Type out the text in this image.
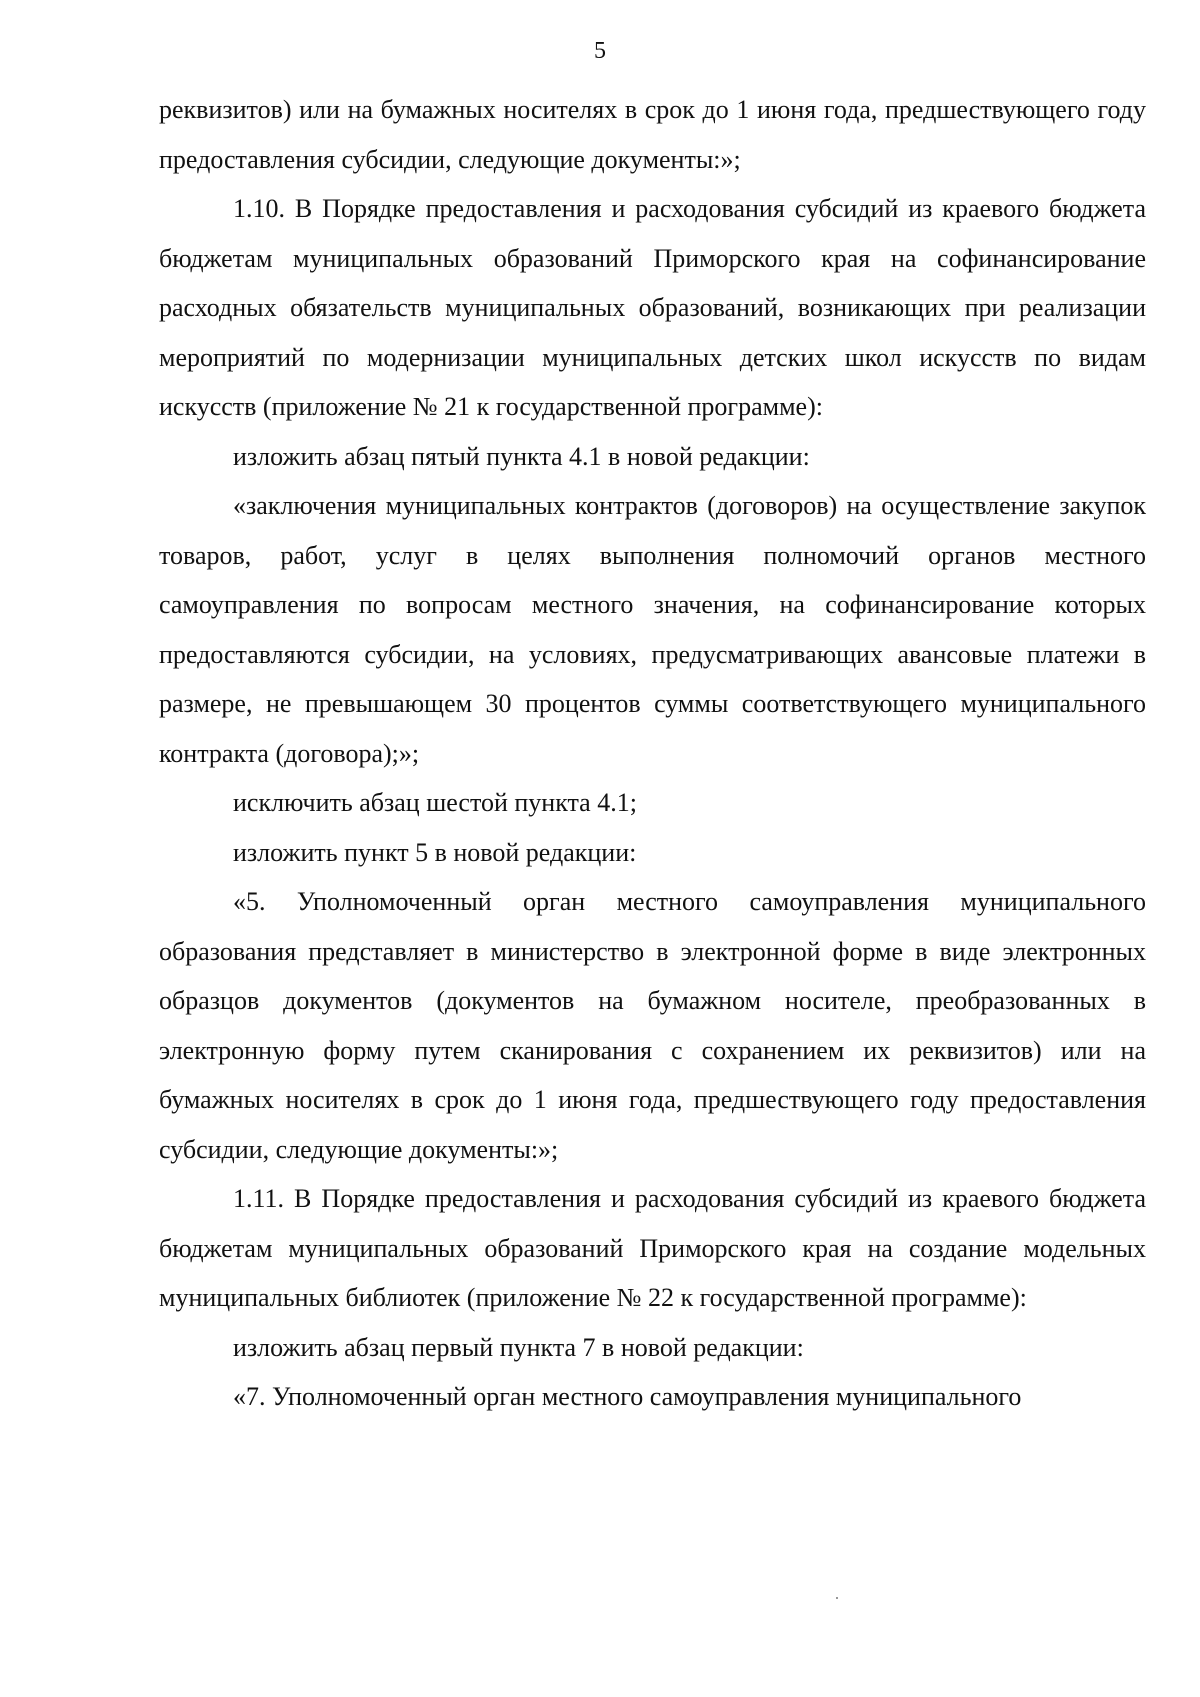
5

реквизитов) или на бумажных носителях в срок до 1 июня года, предшествующего году предоставления субсидии, следующие документы:»;

1.10. В Порядке предоставления и расходования субсидий из краевого бюджета бюджетам муниципальных образований Приморского края на софинансирование расходных обязательств муниципальных образований, возникающих при реализации мероприятий по модернизации муниципальных детских школ искусств по видам искусств (приложение № 21 к государственной программе):

изложить абзац пятый пункта 4.1 в новой редакции:

«заключения муниципальных контрактов (договоров) на осуществление закупок товаров, работ, услуг в целях выполнения полномочий органов местного самоуправления по вопросам местного значения, на софинансирование которых предоставляются субсидии, на условиях, предусматривающих авансовые платежи в размере, не превышающем 30 процентов суммы соответствующего муниципального контракта (договора);»;

исключить абзац шестой пункта 4.1;

изложить пункт 5 в новой редакции:

«5. Уполномоченный орган местного самоуправления муниципального образования представляет в министерство в электронной форме в виде электронных образцов документов (документов на бумажном носителе, преобразованных в электронную форму путем сканирования с сохранением их реквизитов) или на бумажных носителях в срок до 1 июня года, предшествующего году предоставления субсидии, следующие документы:»;

1.11. В Порядке предоставления и расходования субсидий из краевого бюджета бюджетам муниципальных образований Приморского края на создание модельных муниципальных библиотек (приложение № 22 к государственной программе):

изложить абзац первый пункта 7 в новой редакции:

«7. Уполномоченный орган местного самоуправления муниципального
